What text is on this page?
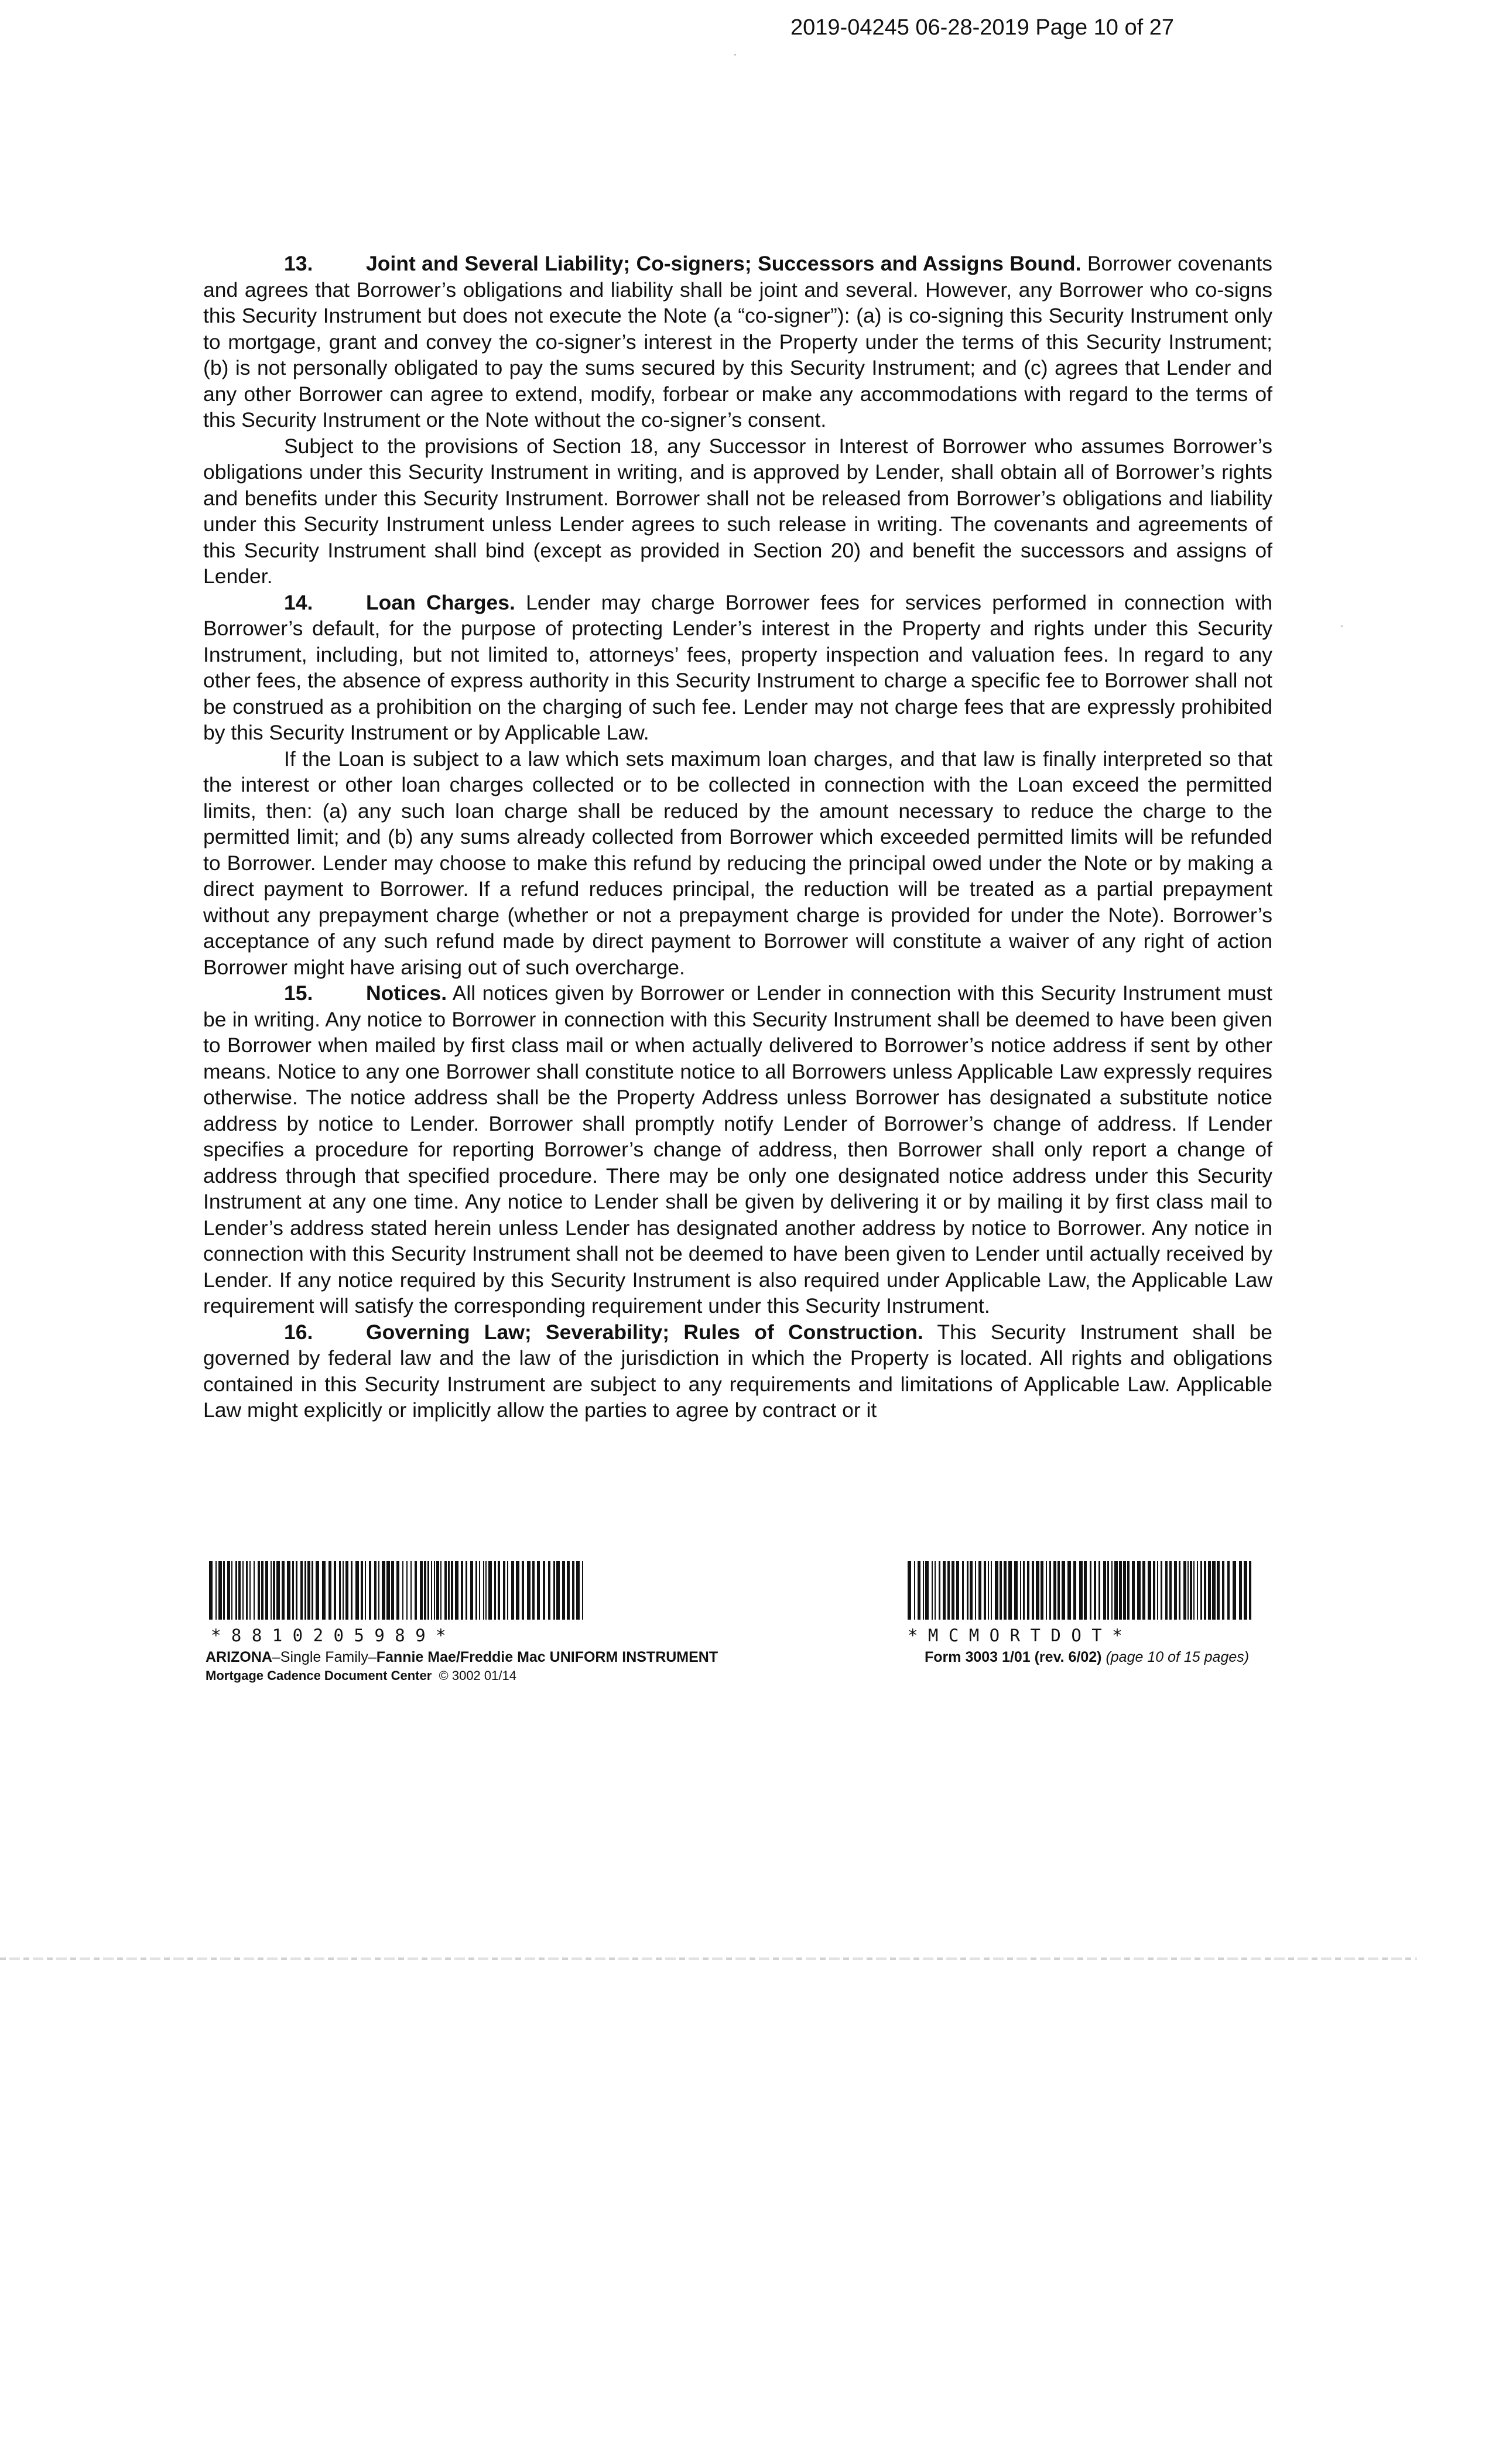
2019-04245 06-28-2019 Page 10 of 27

13.	Joint and Several Liability; Co-signers; Successors and Assigns Bound. Borrower covenants and agrees that Borrower’s obligations and liability shall be joint and several. However, any Borrower who co-signs this Security Instrument but does not execute the Note (a “co-signer”): (a) is co-signing this Security Instrument only to mortgage, grant and convey the co-signer’s interest in the Property under the terms of this Security Instrument; (b) is not personally obligated to pay the sums secured by this Security Instrument; and (c) agrees that Lender and any other Borrower can agree to extend, modify, forbear or make any accommodations with regard to the terms of this Security Instrument or the Note without the co-signer’s consent.

Subject to the provisions of Section 18, any Successor in Interest of Borrower who assumes Borrower’s obligations under this Security Instrument in writing, and is approved by Lender, shall obtain all of Borrower’s rights and benefits under this Security Instrument. Borrower shall not be released from Borrower’s obligations and liability under this Security Instrument unless Lender agrees to such release in writing. The covenants and agreements of this Security Instrument shall bind (except as provided in Section 20) and benefit the successors and assigns of Lender.

14.	Loan Charges. Lender may charge Borrower fees for services performed in connection with Borrower’s default, for the purpose of protecting Lender’s interest in the Property and rights under this Security Instrument, including, but not limited to, attorneys’ fees, property inspection and valuation fees. In regard to any other fees, the absence of express authority in this Security Instrument to charge a specific fee to Borrower shall not be construed as a prohibition on the charging of such fee. Lender may not charge fees that are expressly prohibited by this Security Instrument or by Applicable Law.

If the Loan is subject to a law which sets maximum loan charges, and that law is finally interpreted so that the interest or other loan charges collected or to be collected in connection with the Loan exceed the permitted limits, then: (a) any such loan charge shall be reduced by the amount necessary to reduce the charge to the permitted limit; and (b) any sums already collected from Borrower which exceeded permitted limits will be refunded to Borrower. Lender may choose to make this refund by reducing the principal owed under the Note or by making a direct payment to Borrower. If a refund reduces principal, the reduction will be treated as a partial prepayment without any prepayment charge (whether or not a prepayment charge is provided for under the Note). Borrower’s acceptance of any such refund made by direct payment to Borrower will constitute a waiver of any right of action Borrower might have arising out of such overcharge.

15.	Notices. All notices given by Borrower or Lender in connection with this Security Instrument must be in writing. Any notice to Borrower in connection with this Security Instrument shall be deemed to have been given to Borrower when mailed by first class mail or when actually delivered to Borrower’s notice address if sent by other means. Notice to any one Borrower shall constitute notice to all Borrowers unless Applicable Law expressly requires otherwise. The notice address shall be the Property Address unless Borrower has designated a substitute notice address by notice to Lender. Borrower shall promptly notify Lender of Borrower’s change of address. If Lender specifies a procedure for reporting Borrower’s change of address, then Borrower shall only report a change of address through that specified procedure. There may be only one designated notice address under this Security Instrument at any one time. Any notice to Lender shall be given by delivering it or by mailing it by first class mail to Lender’s address stated herein unless Lender has designated another address by notice to Borrower. Any notice in connection with this Security Instrument shall not be deemed to have been given to Lender until actually received by Lender. If any notice required by this Security Instrument is also required under Applicable Law, the Applicable Law requirement will satisfy the corresponding requirement under this Security Instrument.

16.	Governing Law; Severability; Rules of Construction. This Security Instrument shall be governed by federal law and the law of the jurisdiction in which the Property is located. All rights and obligations contained in this Security Instrument are subject to any requirements and limitations of Applicable Law. Applicable Law might explicitly or implicitly allow the parties to agree by contract or it

* 8 8 1 0 2 0 5 9 8 9 *	* M C M O R T D O T *
ARIZONA–Single Family–Fannie Mae/Freddie Mac UNIFORM INSTRUMENT
Mortgage Cadence Document Center © 3002 01/14
Form 3003 1/01 (rev. 6/02) (page 10 of 15 pages)
